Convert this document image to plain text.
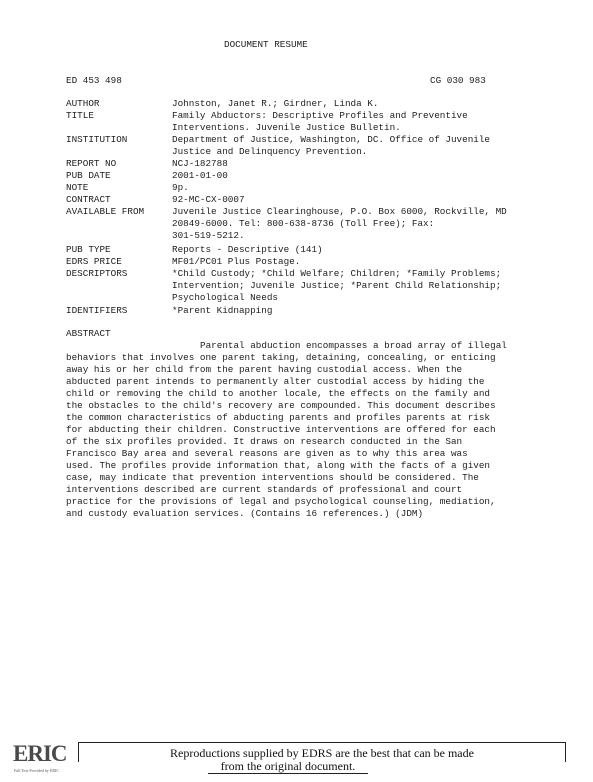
DOCUMENT RESUME
ED 453 498	CG 030 983
AUTHOR	Johnston, Janet R.; Girdner, Linda K.
TITLE	Family Abductors: Descriptive Profiles and Preventive
Interventions. Juvenile Justice Bulletin.
INSTITUTION	Department of Justice, Washington, DC. Office of Juvenile
Justice and Delinquency Prevention.
REPORT NO	NCJ-182788
PUB DATE	2001-01-00
NOTE	9p.
CONTRACT	92-MC-CX-0007
AVAILABLE FROM	Juvenile Justice Clearinghouse, P.O. Box 6000, Rockville, MD
20849-6000. Tel: 800-638-8736 (Toll Free); Fax:
301-519-5212.
PUB TYPE	Reports - Descriptive (141)
EDRS PRICE	MF01/PC01 Plus Postage.
DESCRIPTORS	*Child Custody; *Child Welfare; Children; *Family Problems;
Intervention; Juvenile Justice; *Parent Child Relationship;
Psychological Needs
IDENTIFIERS	*Parent Kidnapping
ABSTRACT
Parental abduction encompasses a broad array of illegal
behaviors that involves one parent taking, detaining, concealing, or enticing
away his or her child from the parent having custodial access. When the
abducted parent intends to permanently alter custodial access by hiding the
child or removing the child to another locale, the effects on the family and
the obstacles to the child's recovery are compounded. This document describes
the common characteristics of abducting parents and profiles parents at risk
for abducting their children. Constructive interventions are offered for each
of the six profiles provided. It draws on research conducted in the San
Francisco Bay area and several reasons are given as to why this area was
used. The profiles provide information that, along with the facts of a given
case, may indicate that prevention interventions should be considered. The
interventions described are current standards of professional and court
practice for the provisions of legal and psychological counseling, mediation,
and custody evaluation services. (Contains 16 references.) (JDM)
ERIC
Full Text Provided by ERIC
Reproductions supplied by EDRS are the best that can be made
from the original document.
